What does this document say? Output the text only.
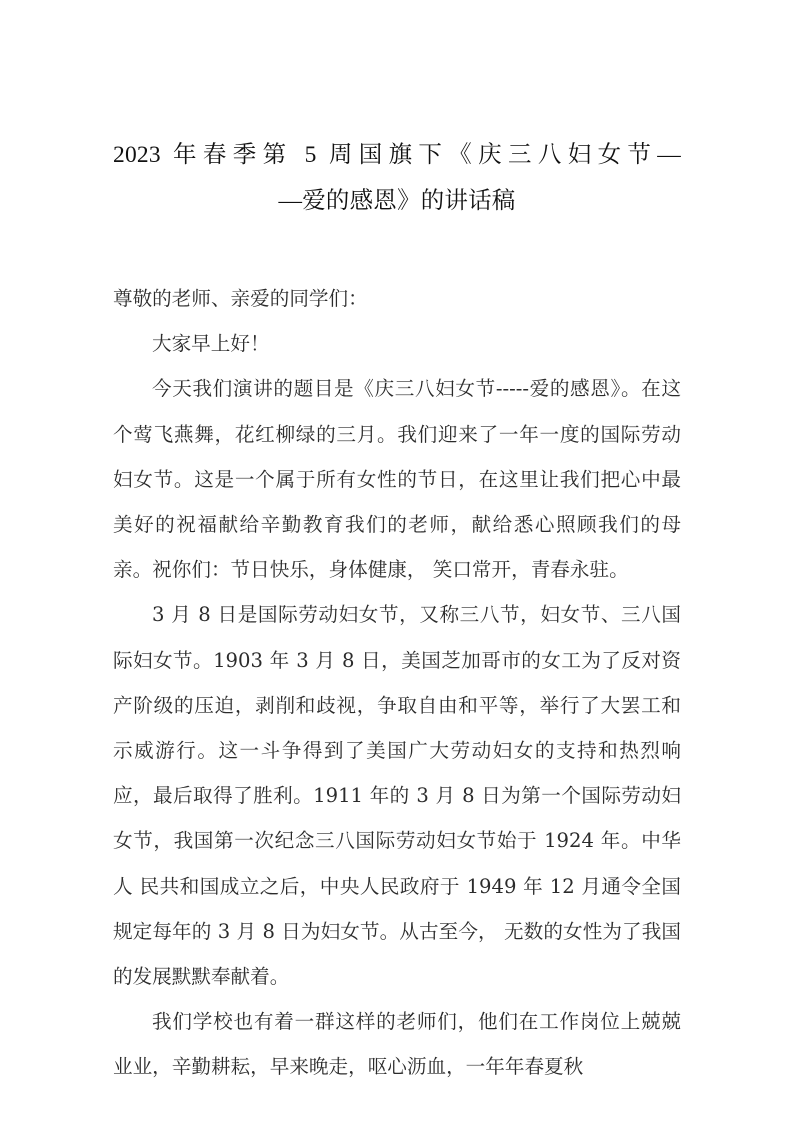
2023 年春季第 5 周国旗下《庆三八妇女节—
—爱的感恩》的讲话稿

尊敬的老师、亲爱的同学们：

大家早上好！

今天我们演讲的题目是《庆三八妇女节-----爱的感恩》。在这个莺飞燕舞，花红柳绿的三月。我们迎来了一年一度的国际劳动妇女节。这是一个属于所有女性的节日，在这里让我们把心中最美好的祝福献给辛勤教育我们的老师，献给悉心照顾我们的母亲。祝你们：节日快乐，身体健康， 笑口常开，青春永驻。

3 月 8 日是国际劳动妇女节，又称三八节，妇女节、三八国际妇女节。1903 年 3 月 8 日，美国芝加哥市的女工为了反对资产阶级的压迫，剥削和歧视，争取自由和平等，举行了大罢工和示威游行。这一斗争得到了美国广大劳动妇女的支持和热烈响应，最后取得了胜利。1911 年的 3 月 8 日为第一个国际劳动妇女节，我国第一次纪念三八国际劳动妇女节始于 1924 年。中华人 民共和国成立之后，中央人民政府于 1949 年 12 月通令全国规定每年的 3 月 8 日为妇女节。从古至今， 无数的女性为了我国的发展默默奉献着。

我们学校也有着一群这样的老师们，他们在工作岗位上兢兢业业，辛勤耕耘，早来晚走，呕心沥血，一年年春夏秋
